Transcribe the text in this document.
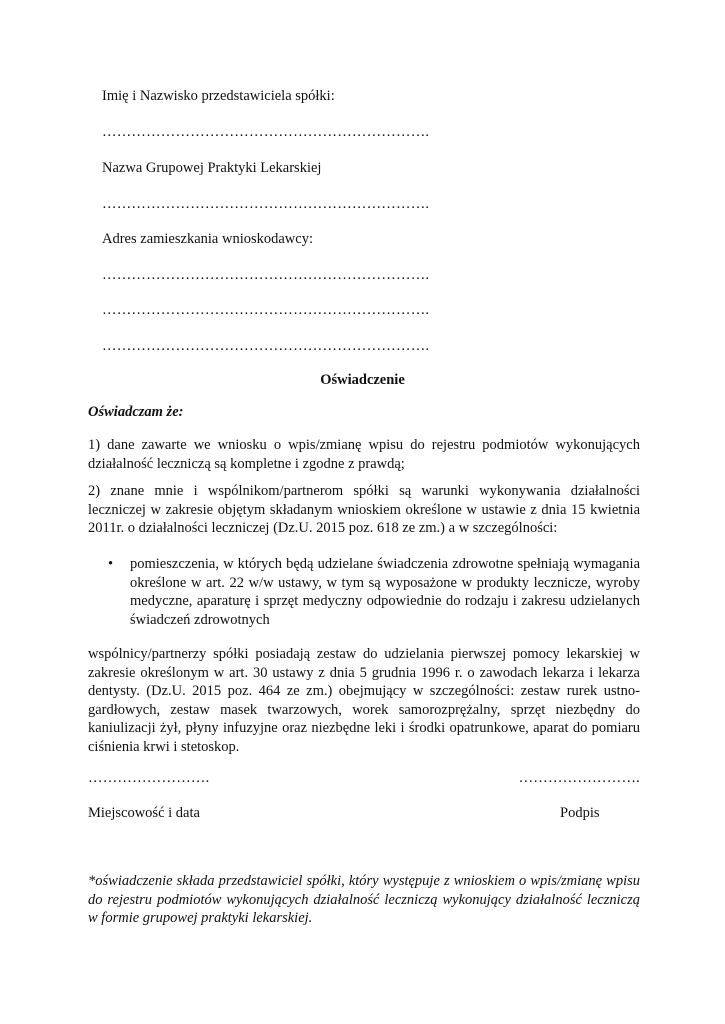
Imię i Nazwisko przedstawiciela spółki:
………………………………………………………….
Nazwa Grupowej Praktyki Lekarskiej
………………………………………………………….
Adres zamieszkania wnioskodawcy:
………………………………………………………….
………………………………………………………….
………………………………………………………….
Oświadczenie
Oświadczam że:

1) dane zawarte we wniosku o wpis/zmianę wpisu do rejestru podmiotów wykonujących działalność leczniczą są kompletne i zgodne z prawdą;

2) znane mnie i wspólnikom/partnerom spółki są warunki wykonywania działalności leczniczej w zakresie objętym składanym wnioskiem określone w ustawie z dnia 15 kwietnia 2011r. o działalności leczniczej (Dz.U. 2015 poz. 618 ze zm.) a w szczególności:

• pomieszczenia, w których będą udzielane świadczenia zdrowotne spełniają wymagania określone w art. 22 w/w ustawy, w tym są wyposażone w produkty lecznicze, wyroby medyczne, aparaturę i sprzęt medyczny odpowiednie do rodzaju i zakresu udzielanych świadczeń zdrowotnych

wspólnicy/partnerzy spółki posiadają zestaw do udzielania pierwszej pomocy lekarskiej w zakresie określonym w art. 30 ustawy z dnia 5 grudnia 1996 r. o zawodach lekarza i lekarza dentysty. (Dz.U. 2015 poz. 464 ze zm.) obejmujący w szczególności: zestaw rurek ustno-gardłowych, zestaw masek twarzowych, worek samorozprężalny, sprzęt niezbędny do kaniulizacji żył, płyny infuzyjne oraz niezbędne leki i środki opatrunkowe, aparat do pomiaru ciśnienia krwi i stetoskop.

…………………….	…………………….
Miejscowość i data	Podpis

*oświadczenie składa przedstawiciel spółki, który występuje z wnioskiem o wpis/zmianę wpisu do rejestru podmiotów wykonujących działalność leczniczą wykonujący działalność leczniczą w formie grupowej praktyki lekarskiej.
